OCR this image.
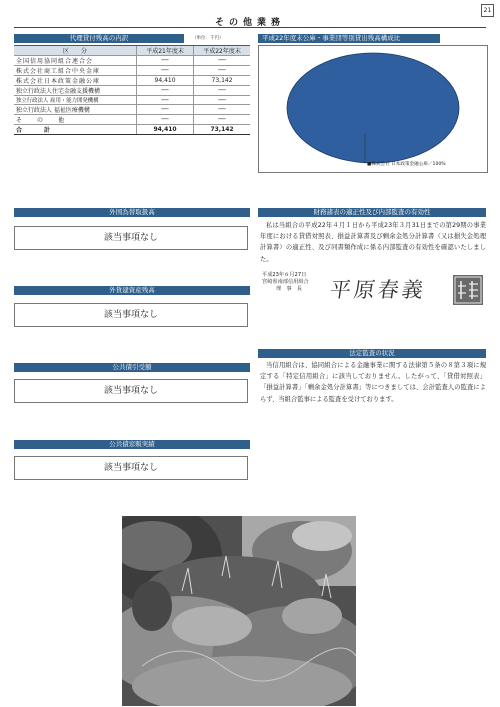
21
その他業務
代理貸付残高の内訳	（単位：千円）
区　　分	平成21年度末	平成22年度末
全国信用協同組合連合会	──	──
株式会社商工組合中央金庫	──	──
株式会社日本政策金融公庫	94,410	73,142
独立行政法人住宅金融支援機構	──	──
独立行政法人 雇用・能力開発機構	──	──
独立行政法人 福祉医療機構	──	──
そ　　の　　他	──	──
合　　　計	94,410	73,142
平成22年度末公庫・事業団等別貸出残高構成比
■株式会社 日本政策金融公庫／100%
外国為替取扱高
該当事項なし
外貨建資産残高
該当事項なし
公共債引受額
該当事項なし
公共債窓販実績
該当事項なし
財務諸表の適正性及び内部監査の有効性
私は当組合の平成22年４月１日から平成23年３月31日までの第29期の事業年度における貸借対照表、損益計算書及び剰余金処分計算書（又は損失金処理計算書）の適正性、及び同書類作成に係る内部監査の有効性を確認いたしました。
平成23年６月27日
宮崎県南部信用組合
理　事　長	平原春義
法定監査の状況
当信用組合は、協同組合による金融事業に関する法律第５条の８第３項に規定する「特定信用組合」に該当しておりません。したがって、「貸借対照表」「損益計算書」「剰余金処分計算書」等につきましては、会計監査人の監査によらず、当組合監事による監査を受けております。
